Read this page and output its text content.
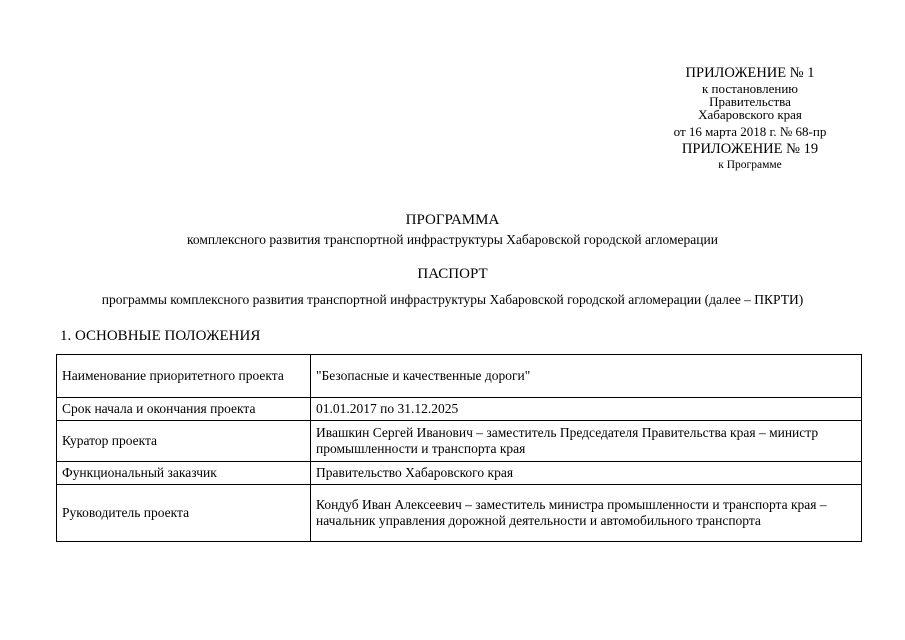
ПРИЛОЖЕНИЕ № 1
к постановлению
Правительства
Хабаровского края
от 16 марта 2018 г. № 68-пр
ПРИЛОЖЕНИЕ № 19
к Программе
ПРОГРАММА
комплексного развития транспортной инфраструктуры Хабаровской городской агломерации
ПАСПОРТ
программы комплексного развития транспортной инфраструктуры Хабаровской городской агломерации (далее – ПКРТИ)
1. ОСНОВНЫЕ ПОЛОЖЕНИЯ
Наименование приоритетного проекта	"Безопасные и качественные дороги"
Срок начала и окончания проекта	01.01.2017 по 31.12.2025
Куратор проекта	Ивашкин Сергей Иванович – заместитель Председателя Правительства края – министр промышленности и транспорта края
Функциональный заказчик	Правительство Хабаровского края
Руководитель проекта	Кондуб Иван Алексеевич – заместитель министра промышленности и транспорта края – начальник управления дорожной деятельности и автомобильного транспорта
